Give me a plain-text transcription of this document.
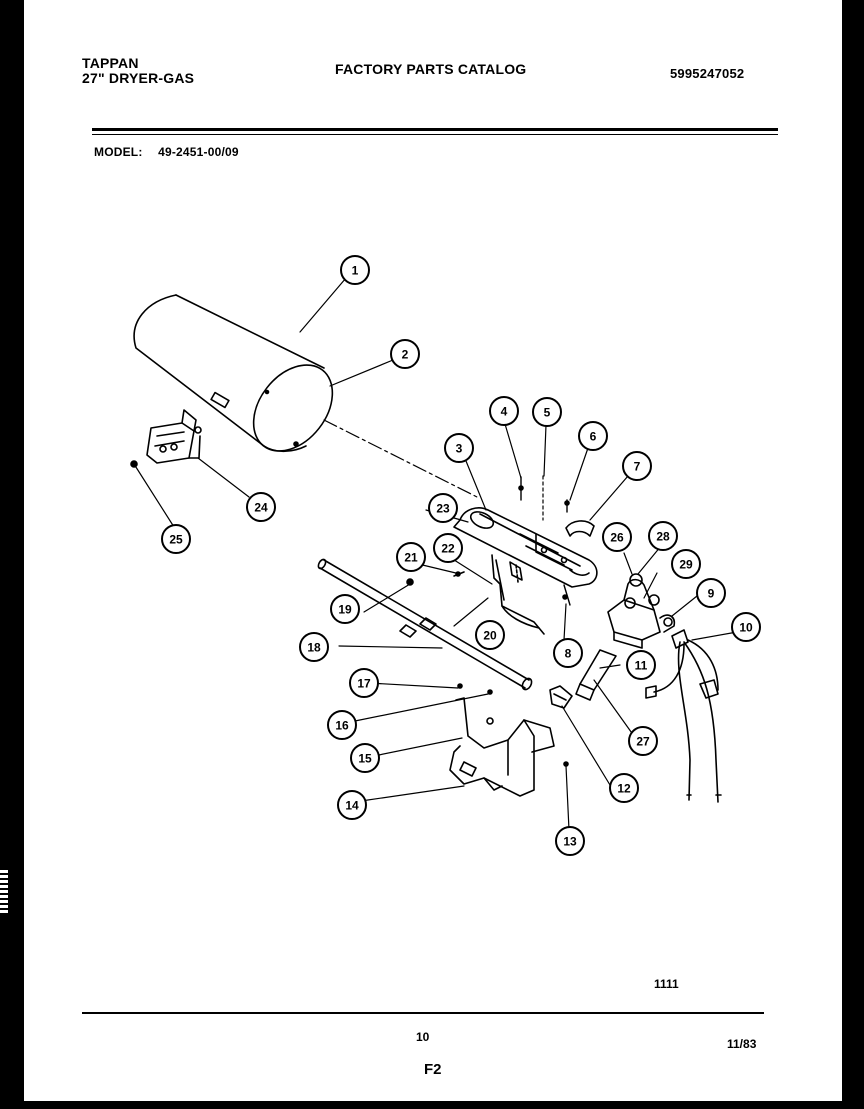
TAPPAN
27" DRYER-GAS
FACTORY PARTS CATALOG	5995247052
MODEL: 49-2451-00/09
1
2
3
4	5
6
7
8
9
10
11
12
13
14
15
16
17
18
19
20
21
22
23
24
25	26
27
28
29
1111
10	11/83
F2
